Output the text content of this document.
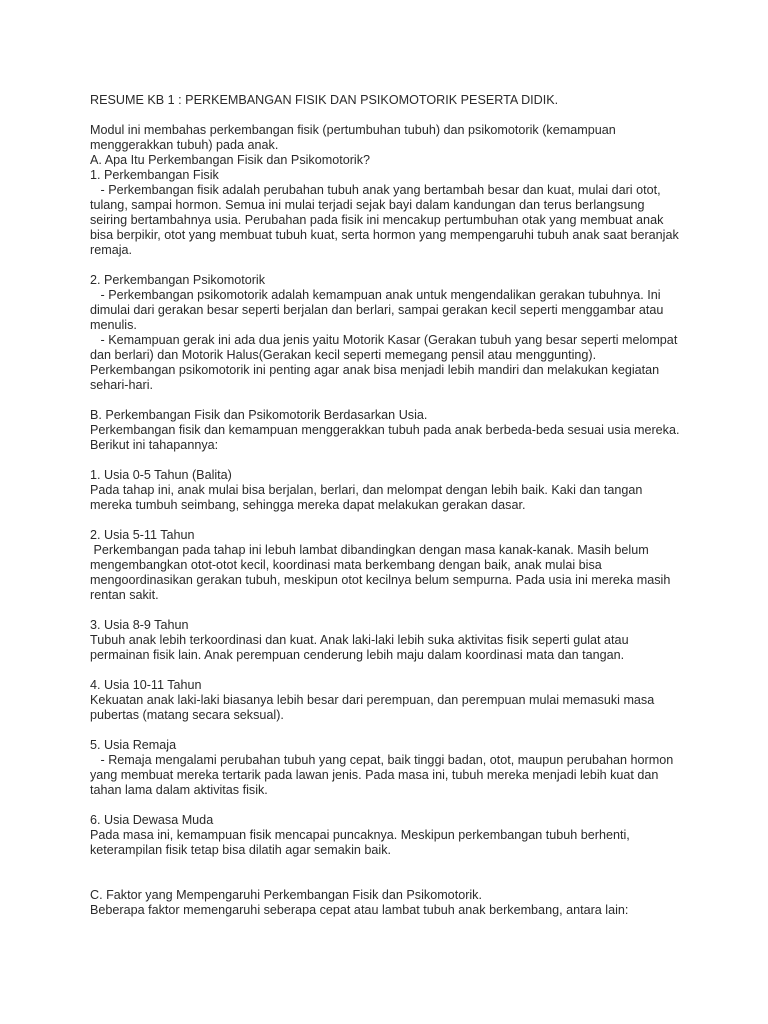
RESUME KB 1 : PERKEMBANGAN FISIK DAN PSIKOMOTORIK PESERTA DIDIK.
Modul ini membahas perkembangan fisik (pertumbuhan tubuh) dan psikomotorik (kemampuan
menggerakkan tubuh) pada anak.
A. Apa Itu Perkembangan Fisik dan Psikomotorik?
1. Perkembangan Fisik
- Perkembangan fisik adalah perubahan tubuh anak yang bertambah besar dan kuat, mulai dari otot,
tulang, sampai hormon. Semua ini mulai terjadi sejak bayi dalam kandungan dan terus berlangsung
seiring bertambahnya usia. Perubahan pada fisik ini mencakup pertumbuhan otak yang membuat anak
bisa berpikir, otot yang membuat tubuh kuat, serta hormon yang mempengaruhi tubuh anak saat beranjak
remaja.
2. Perkembangan Psikomotorik
- Perkembangan psikomotorik adalah kemampuan anak untuk mengendalikan gerakan tubuhnya. Ini
dimulai dari gerakan besar seperti berjalan dan berlari, sampai gerakan kecil seperti menggambar atau
menulis.
- Kemampuan gerak ini ada dua jenis yaitu Motorik Kasar (Gerakan tubuh yang besar seperti melompat
dan berlari) dan Motorik Halus(Gerakan kecil seperti memegang pensil atau menggunting).
Perkembangan psikomotorik ini penting agar anak bisa menjadi lebih mandiri dan melakukan kegiatan
sehari-hari.
B. Perkembangan Fisik dan Psikomotorik Berdasarkan Usia.
Perkembangan fisik dan kemampuan menggerakkan tubuh pada anak berbeda-beda sesuai usia mereka.
Berikut ini tahapannya:
1. Usia 0-5 Tahun (Balita)
Pada tahap ini, anak mulai bisa berjalan, berlari, dan melompat dengan lebih baik. Kaki dan tangan
mereka tumbuh seimbang, sehingga mereka dapat melakukan gerakan dasar.
2. Usia 5-11 Tahun
Perkembangan pada tahap ini lebuh lambat dibandingkan dengan masa kanak-kanak. Masih belum
mengembangkan otot-otot kecil, koordinasi mata berkembang dengan baik, anak mulai bisa
mengoordinasikan gerakan tubuh, meskipun otot kecilnya belum sempurna. Pada usia ini mereka masih
rentan sakit.
3. Usia 8-9 Tahun
Tubuh anak lebih terkoordinasi dan kuat. Anak laki-laki lebih suka aktivitas fisik seperti gulat atau
permainan fisik lain. Anak perempuan cenderung lebih maju dalam koordinasi mata dan tangan.
4. Usia 10-11 Tahun
Kekuatan anak laki-laki biasanya lebih besar dari perempuan, dan perempuan mulai memasuki masa
pubertas (matang secara seksual).
5. Usia Remaja
- Remaja mengalami perubahan tubuh yang cepat, baik tinggi badan, otot, maupun perubahan hormon
yang membuat mereka tertarik pada lawan jenis. Pada masa ini, tubuh mereka menjadi lebih kuat dan
tahan lama dalam aktivitas fisik.
6. Usia Dewasa Muda
Pada masa ini, kemampuan fisik mencapai puncaknya. Meskipun perkembangan tubuh berhenti,
keterampilan fisik tetap bisa dilatih agar semakin baik.
C. Faktor yang Mempengaruhi Perkembangan Fisik dan Psikomotorik.
Beberapa faktor memengaruhi seberapa cepat atau lambat tubuh anak berkembang, antara lain:
